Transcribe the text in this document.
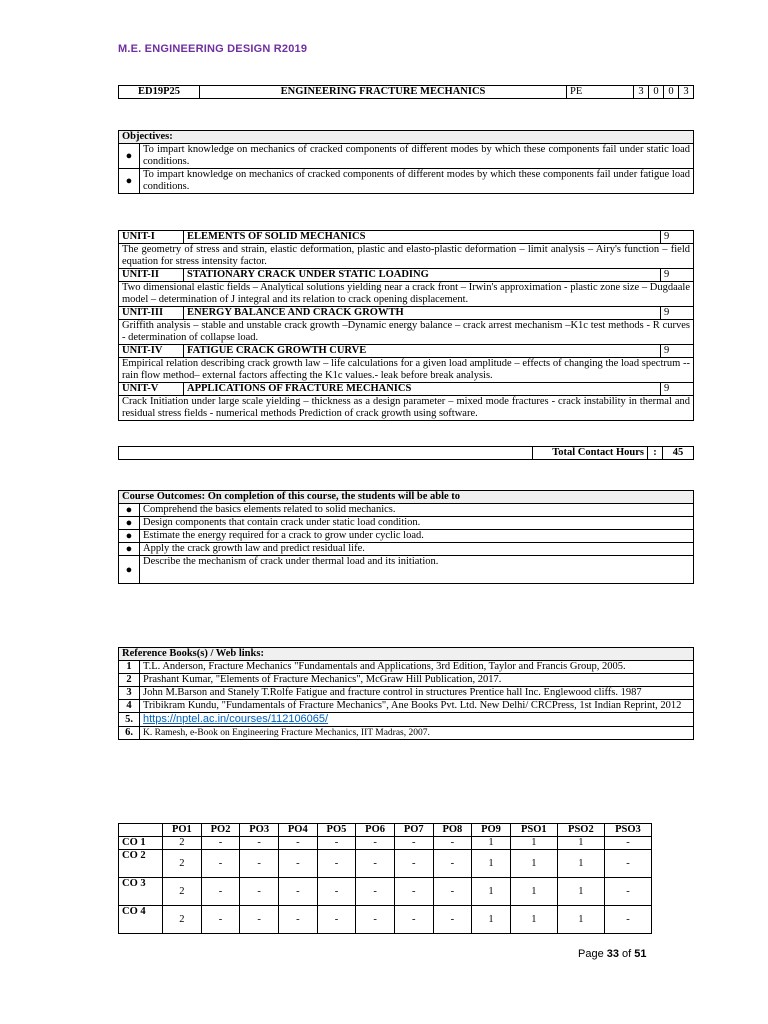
M.E. ENGINEERING DESIGN R2019
ED19P25	ENGINEERING FRACTURE MECHANICS	PE	3	0	0	3
Objectives:	
●	To impart knowledge on mechanics of cracked components of different modes by which these components fail under static load conditions.
●	To impart knowledge on mechanics of cracked components of different modes by which these components fail under fatigue load conditions.
UNIT-I	ELEMENTS OF SOLID MECHANICS	9
The geometry of stress and strain, elastic deformation, plastic and elasto-plastic deformation – limit analysis – Airy's function – field equation for stress intensity factor.		
UNIT-II	STATIONARY CRACK UNDER STATIC LOADING	9
Two dimensional elastic fields – Analytical solutions yielding near a crack front – Irwin's approximation - plastic zone size – Dugdaale model – determination of J integral and its relation to crack opening displacement.		
UNIT-III	ENERGY BALANCE AND CRACK GROWTH	9
Griffith analysis – stable and unstable crack growth –Dynamic energy balance – crack arrest mechanism –K1c test methods - R curves - determination of collapse load.		
UNIT-IV	FATIGUE CRACK GROWTH CURVE	9
Empirical relation describing crack growth law – life calculations for a given load amplitude – effects of changing the load spectrum -- rain flow method– external factors affecting the K1c values.- leak before break analysis.		
UNIT-V	APPLICATIONS OF FRACTURE MECHANICS	9
Crack Initiation under large scale yielding – thickness as a design parameter – mixed mode fractures - crack instability in thermal and residual stress fields - numerical methods Prediction of crack growth using software.		
	Total Contact Hours	:	45
Course Outcomes: On completion of this course, the students will be able to	
●	Comprehend the basics elements related to solid mechanics.
●	Design components that contain crack under static load condition.
●	Estimate the energy required for a crack to grow under cyclic load.
●	Apply the crack growth law and predict residual life.
●	Describe the mechanism of crack under thermal load and its initiation.
Reference Books(s) / Web links:	
1	T.L. Anderson, Fracture Mechanics "Fundamentals and Applications, 3rd Edition, Taylor and Francis Group, 2005.
2	Prashant Kumar, "Elements of Fracture Mechanics", McGraw Hill Publication, 2017.
3	John M.Barson and Stanely T.Rolfe Fatigue and fracture control in structures Prentice hall Inc. Englewood cliffs. 1987
4	Tribikram Kundu, "Fundamentals of Fracture Mechanics", Ane Books Pvt. Ltd. New Delhi/ CRCPress, 1st Indian Reprint, 2012
5.	https://nptel.ac.in/courses/112106065/
6.	K. Ramesh, e-Book on Engineering Fracture Mechanics, IIT Madras, 2007.
	PO1	PO2	PO3	PO4	PO5	PO6	PO7	PO8	PO9	PSO1	PSO2	PSO3
CO 1	2	-	-	-	-	-	-	-	1	1	1	-
CO 2	2	-	-	-	-	-	-	-	1	1	1	-
CO 3	2	-	-	-	-	-	-	-	1	1	1	-
CO 4	2	-	-	-	-	-	-	-	1	1	1	-
Page 33 of 51
